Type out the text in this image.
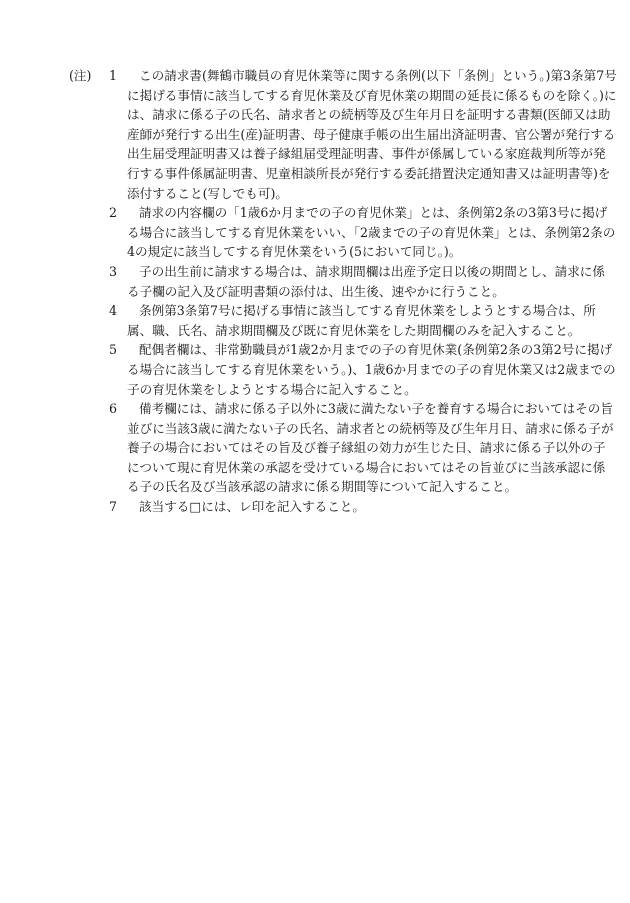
(注)	1	この請求書(舞鶴市職員の育児休業等に関する条例(以下「条例」という。)第3条第7号に掲げる事情に該当してする育児休業及び育児休業の期間の延長に係るものを除く。)には、請求に係る子の氏名、請求者との続柄等及び生年月日を証明する書類(医師又は助産師が発行する出生(産)証明書、母子健康手帳の出生届出済証明書、官公署が発行する出生届受理証明書又は養子縁組届受理証明書、事件が係属している家庭裁判所等が発行する事件係属証明書、児童相談所長が発行する委託措置決定通知書又は証明書等)を添付すること(写しでも可)。
2	請求の内容欄の「1歳6か月までの子の育児休業」とは、条例第2条の3第3号に掲げる場合に該当してする育児休業をいい、「2歳までの子の育児休業」とは、条例第2条の4の規定に該当してする育児休業をいう(5において同じ。)。
3	子の出生前に請求する場合は、請求期間欄は出産予定日以後の期間とし、請求に係る子欄の記入及び証明書類の添付は、出生後、速やかに行うこと。
4	条例第3条第7号に掲げる事情に該当してする育児休業をしようとする場合は、所属、職、氏名、請求期間欄及び既に育児休業をした期間欄のみを記入すること。
5	配偶者欄は、非常勤職員が1歳2か月までの子の育児休業(条例第2条の3第2号に掲げる場合に該当してする育児休業をいう。)、1歳6か月までの子の育児休業又は2歳までの子の育児休業をしようとする場合に記入すること。
6	備考欄には、請求に係る子以外に3歳に満たない子を養育する場合においてはその旨並びに当該3歳に満たない子の氏名、請求者との続柄等及び生年月日、請求に係る子が養子の場合においてはその旨及び養子縁組の効力が生じた日、請求に係る子以外の子について現に育児休業の承認を受けている場合においてはその旨並びに当該承認に係る子の氏名及び当該承認の請求に係る期間等について記入すること。
7	該当する□には、レ印を記入すること。
